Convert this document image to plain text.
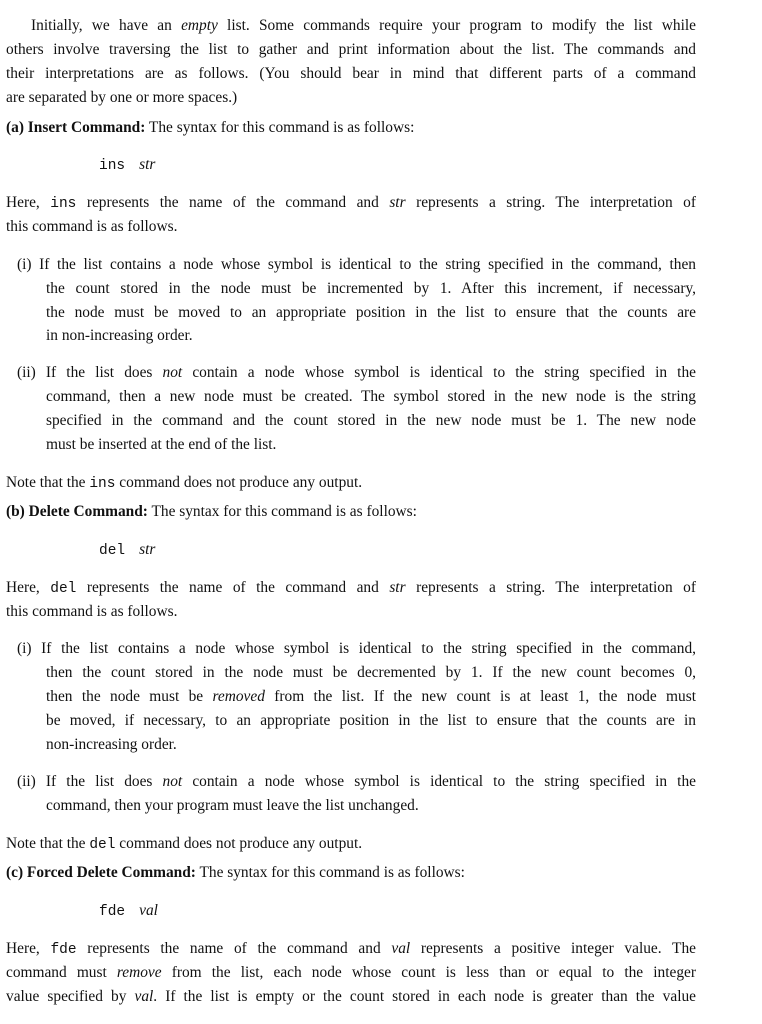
Initially, we have an empty list. Some commands require your program to modify the list while
others involve traversing the list to gather and print information about the list. The commands and
their interpretations are as follows. (You should bear in mind that different parts of a command
are separated by one or more spaces.)
(a) Insert Command: The syntax for this command is as follows:
ins str
Here, ins represents the name of the command and str represents a string. The interpretation of
this command is as follows.
(i) If the list contains a node whose symbol is identical to the string specified in the command, then
the count stored in the node must be incremented by 1. After this increment, if necessary,
the node must be moved to an appropriate position in the list to ensure that the counts are
in non-increasing order.
(ii) If the list does not contain a node whose symbol is identical to the string specified in the
command, then a new node must be created. The symbol stored in the new node is the string
specified in the command and the count stored in the new node must be 1. The new node
must be inserted at the end of the list.
Note that the ins command does not produce any output.
(b) Delete Command: The syntax for this command is as follows:
del str
Here, del represents the name of the command and str represents a string. The interpretation of
this command is as follows.
(i) If the list contains a node whose symbol is identical to the string specified in the command,
then the count stored in the node must be decremented by 1. If the new count becomes 0,
then the node must be removed from the list. If the new count is at least 1, the node must
be moved, if necessary, to an appropriate position in the list to ensure that the counts are in
non-increasing order.
(ii) If the list does not contain a node whose symbol is identical to the string specified in the
command, then your program must leave the list unchanged.
Note that the del command does not produce any output.
(c) Forced Delete Command: The syntax for this command is as follows:
fde val
Here, fde represents the name of the command and val represents a positive integer value. The
command must remove from the list, each node whose count is less than or equal to the integer
value specified by val. If the list is empty or the count stored in each node is greater than the value
